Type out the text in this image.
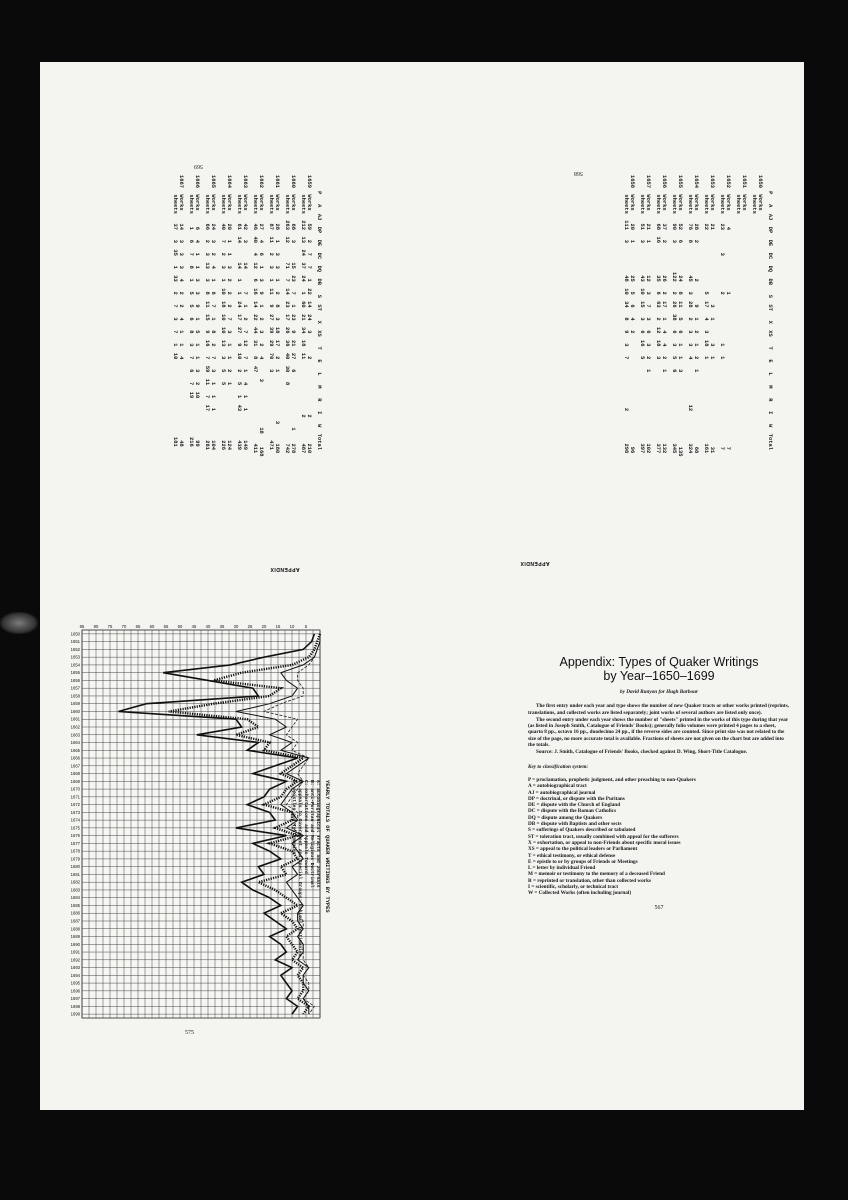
P   A  AJ  DP  DE  DC  DQ  DB   S  ST   X  XS   T   E   L   M   R   I   W  Total
1650  Works
sheets
1651  Works
sheets
1652  Works     4                   1                                               7
sheets   23       3           2               1   1                           7
1653  Works    21                       3   1       3   1                           31
sheets   22                   5  17   4   3  18   1                          161
1654  Works    28   2           2       9   1   2   1   2   1                       68
sheets   76   8          45   3  28   2   3   3   4              12          324
1655  Works    52   6          24   8  11   5   6   1   1   3                       135
sheets   90   3         122   2  26  38   6   3   5   6                      345
1656  Works    37   2          26   2  17   1   4   4   2   1                      132
sheets   68  16          35   6  63   2  12  18   3                          377
1657  Works    21   1          12   3   7   3   6   3   2   1                      102
sheets   51   3          43  10  15   3   6  16   5                          397
1658  Works    20   1          25   5   6   4   2                                   96
sheets  111   3          48  10  34   8   9   3   7               2          298
568
APPENDIX
P   A  AJ  DP  DE  DC  DQ  DB   S  ST   X  XS   T   E   L   M   R   I   W  Total
1659  Works    59   2   7   7   1  22  14  24   3       2                 2        210
sheets  212  13  24  37  24   1  60  21  34  18  11                 2        487
1660  Works    68   3      15  23   7   1  23   9  21  27   6                 1    278
sheets  263  12      71   7  14  23  17  26  36  40  30   8                  742
1661  Works    28   1   3   3   1   2   8   3  18  17   2   1               3      180
sheets   87  11   2   3   1  11   9  27  39  29  70   3                     471
1662  Works    27   4   6   1   3   9   1   2   3   2   4      3              18    168
sheets   46  40   4  12   6  16  14  22  44  31   8  47                      411
1663  Works    42   3      14       7   1   2   7  12   7   1   4   1   1         149
sheets   61  14      14   1   1  24  17  27   9  10   2   5   1  43         439
1664  Works    20   1   1   3   2   2   2   7   3   1   1   2   1                 124
sheets   40   7   2   3   1  10  18  10  10  13   3   5   5                 226
1665  Works    24   3   2   4   1   6   7   1   8   2   7   3   1   1   1         104
sheets   66   2   3  13   3   8  11  15   9  16   7  59  11   7  17         261
1666  Works     6   4   1   1   3   3   9   1   5   1   1   3   2  10             99
sheets    1   6   7   8   1   5   5   6   8   3   7   6   7  19            216
1667  Works    14   3   3   3   4   2   2   4   1   1   4                         48
sheets   37   3  35   1  33   2   7   3   7   1  10                        181
569
APPENDIX
85 80 75 70 65 60 55 50 45 40 35 30 25 20 15 10 5
1650
1651
1652
1653
1654
1655
1656
1657
1658
1659
1660
1661
1662
1663
1664
1665
1666
1667
1668
1669
1670
1671
1672
1673
1674
1675
1676
1677
1678
1679
1680
1681
1682
1683
1684
1685
1686
1687
1688
1689
1690
1691
1692
1693
1694
1695
1696
1697
1698
1699
YEARLY TOTALS OF QUAKER WRITINGS BY TYPES
A: autobiographical Tracts and Journals
B: anti-Puritan and Religious Doctrinal
C: exhortations and Appeals Toward
D: appeals to Government and Special Groups: Ethical Testimonies
E: epistles and Testimonies
575
Appendix: Types of Quaker Writings
by Year–1650–1699
by David Runyon for Hugh Barbour

The first entry under each year and type shows the number of new Quaker tracts or other works printed (reprints, translations, and collected works are listed separately; joint works of several authors are listed only once).

The second entry under each year shows the number of "sheets" printed in the works of this type during that year (as listed in Joseph Smith, Catalogue of Friends' Books); generally folio volumes were printed 4 pages to a sheet, quarto 8 pp., octavo 16 pp., duodecimo 24 pp., if the reverse sides are counted. Since print size was not related to the size of the page, no more accurate total is available. Fractions of sheets are not given on the chart but are added into the totals.

Source: J. Smith, Catalogue of Friends' Books, checked against D. Wing, Short-Title Catalogue.
Key to classification system:
P = proclamation, prophetic judgment, and other preaching to non-Quakers
A = autobiographical tract
AJ = autobiographical journal
DP = doctrinal, or dispute with the Puritans
DE = dispute with the Church of England
DC = dispute with the Roman Catholics
DQ = dispute among the Quakers
DB = dispute with Baptists and other sects
S = sufferings of Quakers described or tabulated
ST = toleration tract, usually combined with appeal for the sufferers
X = exhortation, or appeal to non-Friends about specific moral issues
XS = appeal to the political leaders or Parliament
T = ethical testimony, or ethical defense
E = epistle to or by groups of Friends or Meetings
L = letter by individual Friend
M = memoir or testimony to the memory of a deceased Friend
R = reprinted or translation, other than collected works
I = scientific, scholarly, or technical tract
W = Collected Works (often including journal)
567
